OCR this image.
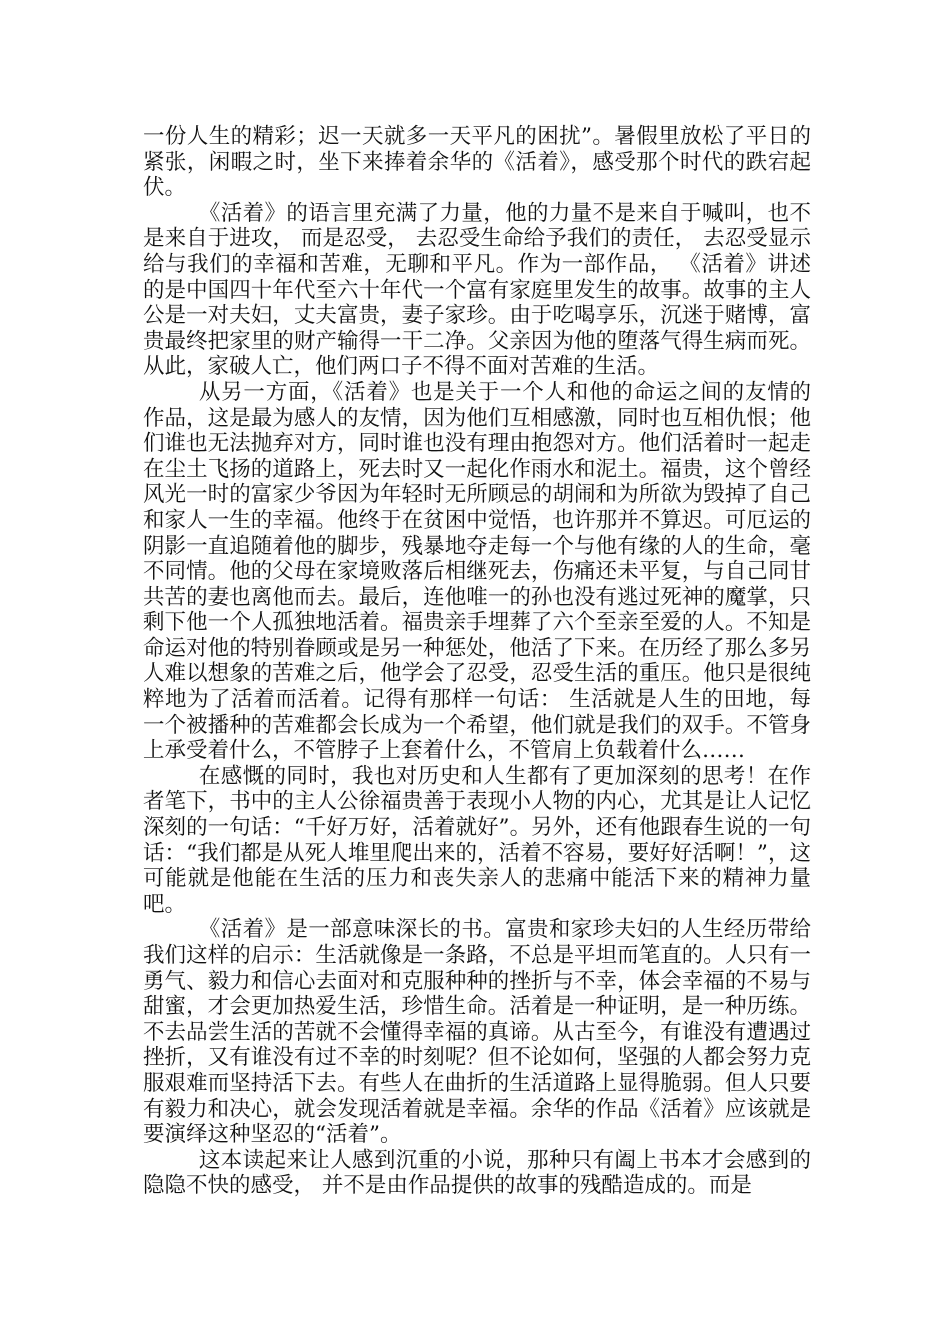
一份人生的精彩；迟一天就多一天平凡的困扰”。暑假里放松了平日的紧张，闲暇之时，坐下来捧着余华的《活着》，感受那个时代的跌宕起伏。

《活着》的语言里充满了力量，他的力量不是来自于喊叫，也不是来自于进攻， 而是忍受， 去忍受生命给予我们的责任， 去忍受显示给与我们的幸福和苦难，无聊和平凡。作为一部作品， 《活着》讲述的是中国四十年代至六十年代一个富有家庭里发生的故事。故事的主人公是一对夫妇，丈夫富贵，妻子家珍。由于吃喝享乐，沉迷于赌博，富贵最终把家里的财产输得一干二净。父亲因为他的堕落气得生病而死。从此，家破人亡，他们两口子不得不面对苦难的生活。

从另一方面，《活着》也是关于一个人和他的命运之间的友情的作品，这是最为感人的友情，因为他们互相感激，同时也互相仇恨；他们谁也无法抛弃对方，同时谁也没有理由抱怨对方。他们活着时一起走在尘土飞扬的道路上，死去时又一起化作雨水和泥土。福贵，这个曾经风光一时的富家少爷因为年轻时无所顾忌的胡闹和为所欲为毁掉了自己和家人一生的幸福。他终于在贫困中觉悟，也许那并不算迟。可厄运的阴影一直追随着他的脚步，残暴地夺走每一个与他有缘的人的生命，毫不同情。他的父母在家境败落后相继死去，伤痛还未平复，与自己同甘共苦的妻也离他而去。最后，连他唯一的孙也没有逃过死神的魔掌，只剩下他一个人孤独地活着。福贵亲手埋葬了六个至亲至爱的人。不知是命运对他的特别眷顾或是另一种惩处，他活了下来。在历经了那么多另人难以想象的苦难之后，他学会了忍受，忍受生活的重压。他只是很纯粹地为了活着而活着。记得有那样一句话： 生活就是人生的田地，每一个被播种的苦难都会长成为一个希望，他们就是我们的双手。不管身上承受着什么，不管脖子上套着什么，不管肩上负载着什么……

在感慨的同时，我也对历史和人生都有了更加深刻的思考！在作者笔下，书中的主人公徐福贵善于表现小人物的内心，尤其是让人记忆深刻的一句话：“千好万好，活着就好”。另外，还有他跟春生说的一句话：“我们都是从死人堆里爬出来的，活着不容易，要好好活啊！”，这可能就是他能在生活的压力和丧失亲人的悲痛中能活下来的精神力量吧。

《活着》是一部意味深长的书。富贵和家珍夫妇的人生经历带给我们这样的启示：生活就像是一条路，不总是平坦而笔直的。人只有一勇气、毅力和信心去面对和克服种种的挫折与不幸，体会幸福的不易与甜蜜，才会更加热爱生活，珍惜生命。活着是一种证明，是一种历练。不去品尝生活的苦就不会懂得幸福的真谛。从古至今，有谁没有遭遇过挫折，又有谁没有过不幸的时刻呢？但不论如何，坚强的人都会努力克服艰难而坚持活下去。有些人在曲折的生活道路上显得脆弱。但人只要有毅力和决心，就会发现活着就是幸福。余华的作品《活着》应该就是要演绎这种坚忍的“活着”。

这本读起来让人感到沉重的小说，那种只有阖上书本才会感到的隐隐不快的感受， 并不是由作品提供的故事的残酷造成的。而是
